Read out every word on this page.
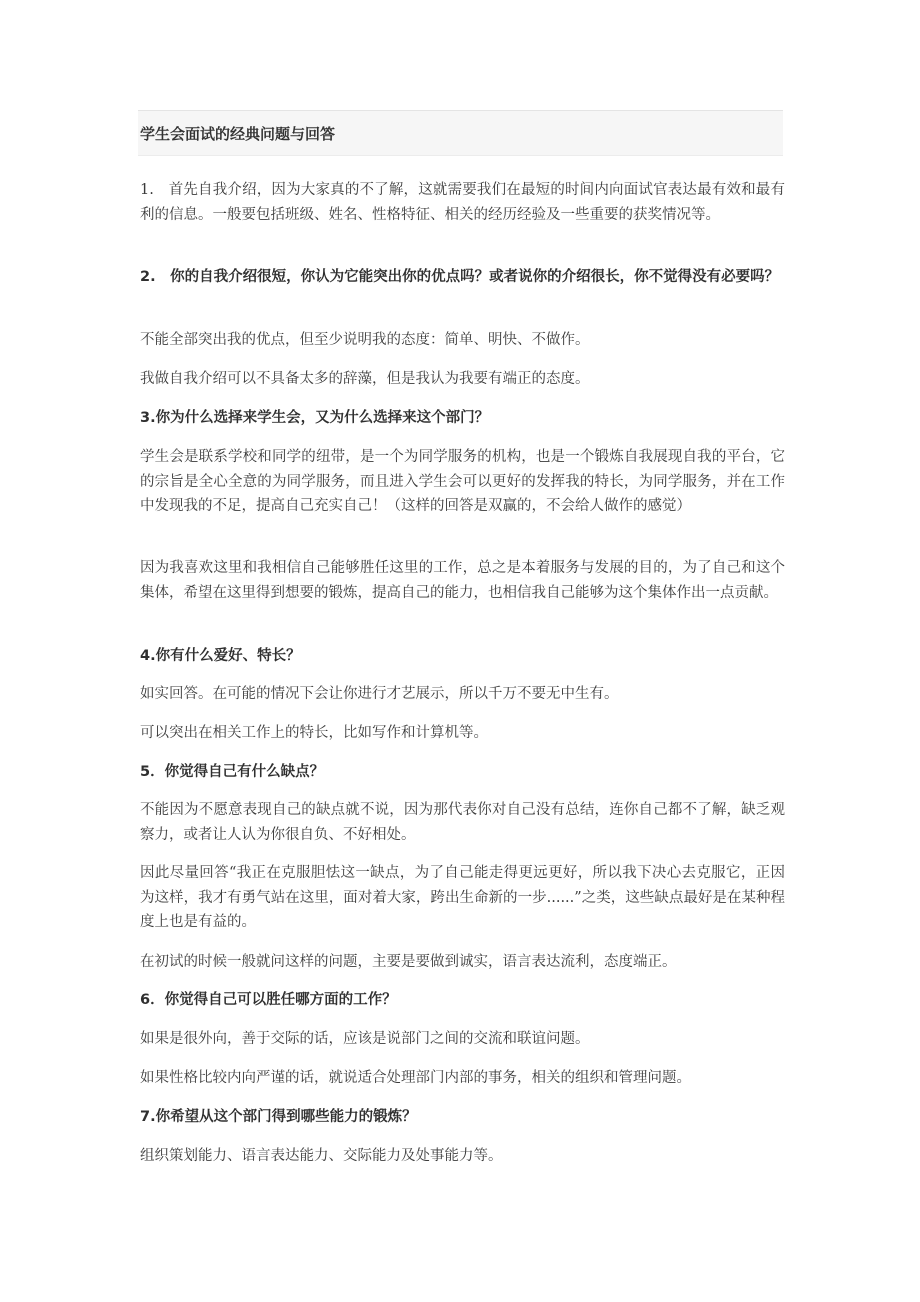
学生会面试的经典问题与回答

1.　首先自我介绍，因为大家真的不了解，这就需要我们在最短的时间内向面试官表达最有效和最有利的信息。一般要包括班级、姓名、性格特征、相关的经历经验及一些重要的获奖情况等。

2.　你的自我介绍很短，你认为它能突出你的优点吗？或者说你的介绍很长，你不觉得没有必要吗？

不能全部突出我的优点，但至少说明我的态度：简单、明快、不做作。

我做自我介绍可以不具备太多的辞藻，但是我认为我要有端正的态度。

3.你为什么选择来学生会，又为什么选择来这个部门？

学生会是联系学校和同学的纽带，是一个为同学服务的机构，也是一个锻炼自我展现自我的平台，它的宗旨是全心全意的为同学服务，而且进入学生会可以更好的发挥我的特长，为同学服务，并在工作中发现我的不足，提高自己充实自己！（这样的回答是双赢的，不会给人做作的感觉）

因为我喜欢这里和我相信自己能够胜任这里的工作，总之是本着服务与发展的目的，为了自己和这个集体，希望在这里得到想要的锻炼，提高自己的能力，也相信我自己能够为这个集体作出一点贡献。

4.你有什么爱好、特长？

如实回答。在可能的情况下会让你进行才艺展示，所以千万不要无中生有。

可以突出在相关工作上的特长，比如写作和计算机等。

5．你觉得自己有什么缺点？

不能因为不愿意表现自己的缺点就不说，因为那代表你对自己没有总结，连你自己都不了解，缺乏观察力，或者让人认为你很自负、不好相处。

因此尽量回答“我正在克服胆怯这一缺点，为了自己能走得更远更好，所以我下决心去克服它，正因为这样，我才有勇气站在这里，面对着大家，跨出生命新的一步......”之类，这些缺点最好是在某种程度上也是有益的。

在初试的时候一般就问这样的问题，主要是要做到诚实，语言表达流利，态度端正。

6．你觉得自己可以胜任哪方面的工作？

如果是很外向，善于交际的话，应该是说部门之间的交流和联谊问题。

如果性格比较内向严谨的话，就说适合处理部门内部的事务，相关的组织和管理问题。

7.你希望从这个部门得到哪些能力的锻炼？

组织策划能力、语言表达能力、交际能力及处事能力等。
